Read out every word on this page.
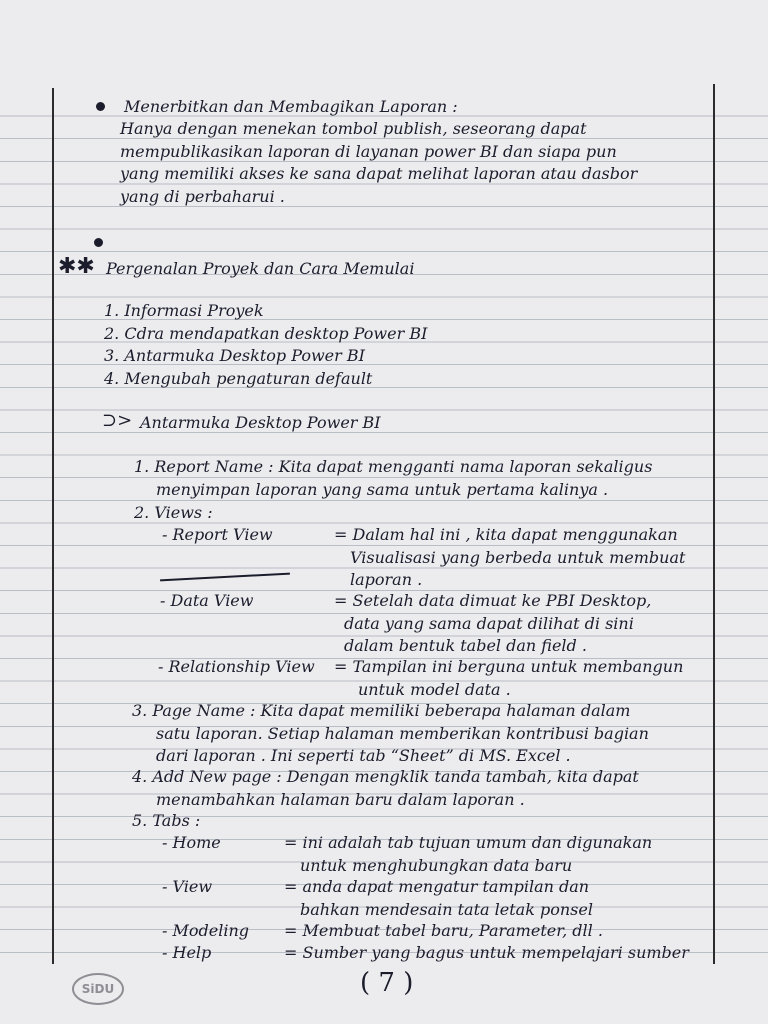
Menerbitkan dan Membagikan Laporan :
Hanya dengan menekan tombol publish, seseorang dapat
mempublikasikan laporan di layanan power BI dan siapa pun
yang memiliki akses ke sana dapat melihat laporan atau dasbor
yang di perbaharui .
✱✱ Pergenalan Proyek dan Cara Memulai
1. Informasi Proyek
2. Cdra mendapatkan desktop Power BI
3. Antarmuka Desktop Power BI
4. Mengubah pengaturan default
⊃> Antarmuka Desktop Power BI
1. Report Name : Kita dapat mengganti nama laporan sekaligus
menyimpan laporan yang sama untuk pertama kalinya .
2. Views :
- Report View	= Dalam hal ini , kita dapat menggunakan
Visualisasi yang berbeda untuk membuat
laporan .
- Data View	= Setelah data dimuat ke PBI Desktop,
data yang sama dapat dilihat di sini
dalam bentuk tabel dan field .
- Relationship View = Tampilan ini berguna untuk membangun
untuk model data .
3. Page Name : Kita dapat memiliki beberapa halaman dalam
satu laporan. Setiap halaman memberikan kontribusi bagian
dari laporan . Ini seperti tab “Sheet” di MS. Excel .
4. Add New page : Dengan mengklik tanda tambah, kita dapat
menambahkan halaman baru dalam laporan .
5. Tabs :
- Home	= ini adalah tab tujuan umum dan digunakan
untuk menghubungkan data baru
- View	= anda dapat mengatur tampilan dan
bahkan mendesain tata letak ponsel
- Modeling = Membuat tabel baru, Parameter, dll .
- Help	= Sumber yang bagus untuk mempelajari sumber
SiDU	( 7 )
